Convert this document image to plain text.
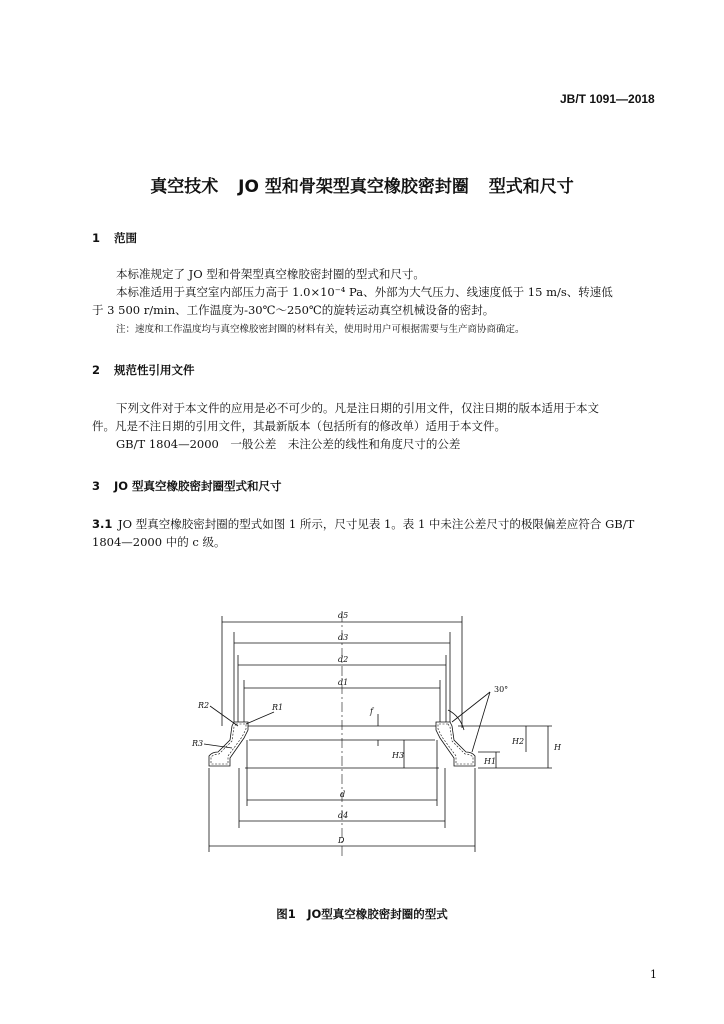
JB/T 1091—2018
真空技术 JO 型和骨架型真空橡胶密封圈 型式和尺寸
1 范围
本标准规定了 JO 型和骨架型真空橡胶密封圈的型式和尺寸。
本标准适用于真空室内部压力高于 1.0×10⁻⁴ Pa、外部为大气压力、线速度低于 15 m/s、转速低
于 3 500 r/min、工作温度为-30℃～250℃的旋转运动真空机械设备的密封。
注：速度和工作温度均与真空橡胶密封圈的材料有关，使用时用户可根据需要与生产商协商确定。
2 规范性引用文件
下列文件对于本文件的应用是必不可少的。凡是注日期的引用文件，仅注日期的版本适用于本文
件。凡是不注日期的引用文件，其最新版本（包括所有的修改单）适用于本文件。
GB/T 1804—2000　一般公差　未注公差的线性和角度尺寸的公差
3 JO 型真空橡胶密封圈型式和尺寸
3.1 JO 型真空橡胶密封圈的型式如图 1 所示，尺寸见表 1。表 1 中未注公差尺寸的极限偏差应符合 GB/T
1804—2000 中的 c 级。
d5
d3
d2
d1
d
d4
D
R2	R1
R3
f
H
H2
H1
H3
30°
图1　JO型真空橡胶密封圈的型式
1
